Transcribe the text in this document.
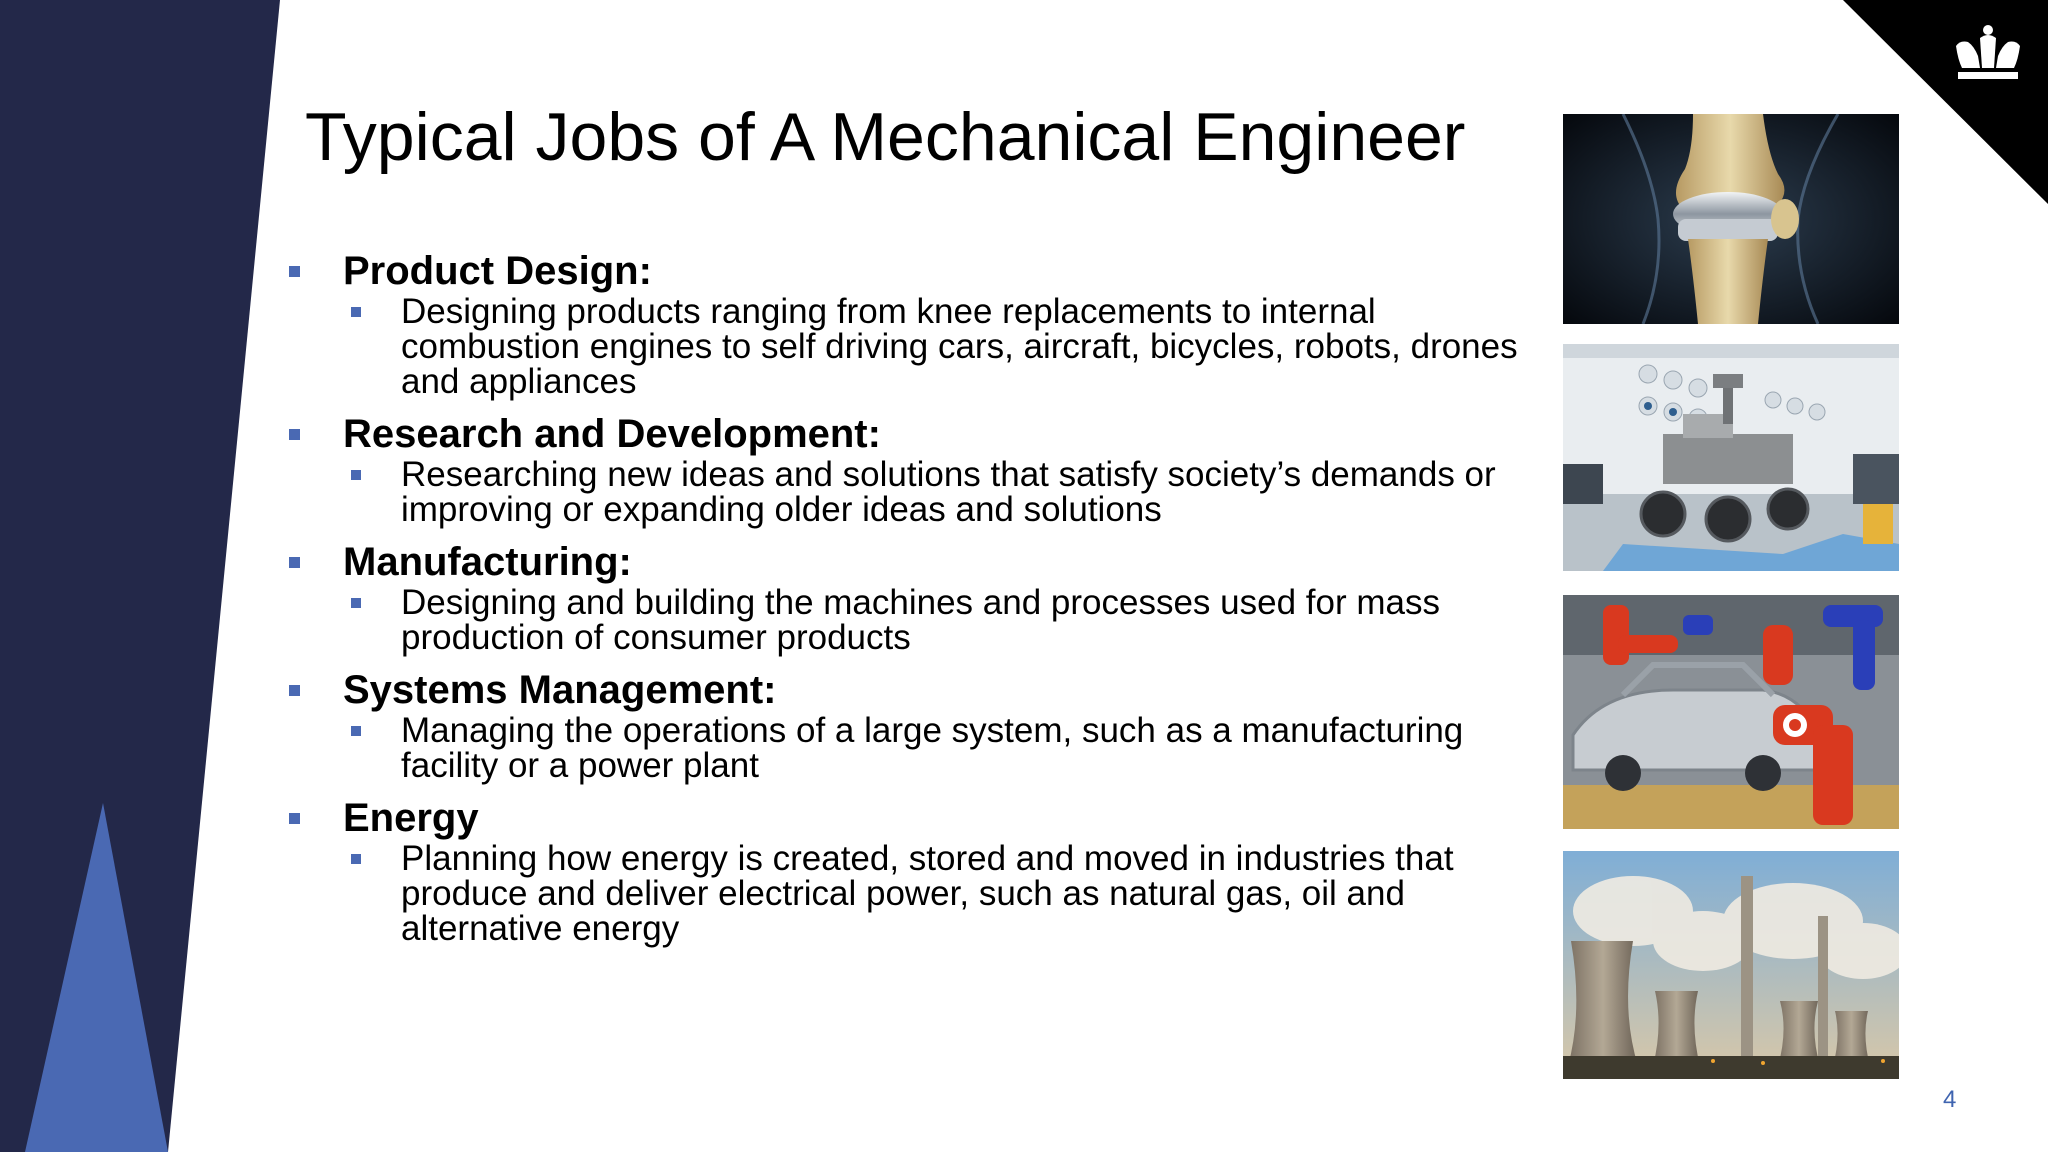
Typical Jobs of A Mechanical Engineer
Product Design:
Designing products ranging from knee replacements to internal combustion engines to self driving cars, aircraft, bicycles, robots, drones and appliances
Research and Development:
Researching new ideas and solutions that satisfy society’s demands or improving or expanding older ideas and solutions
Manufacturing:
Designing and building the machines and processes used for mass production of consumer products
Systems Management:
Managing the operations of a large system, such as a manufacturing facility or a power plant
Energy
Planning how energy is created, stored and moved in industries that produce and deliver electrical power, such as natural gas, oil and alternative energy
4
